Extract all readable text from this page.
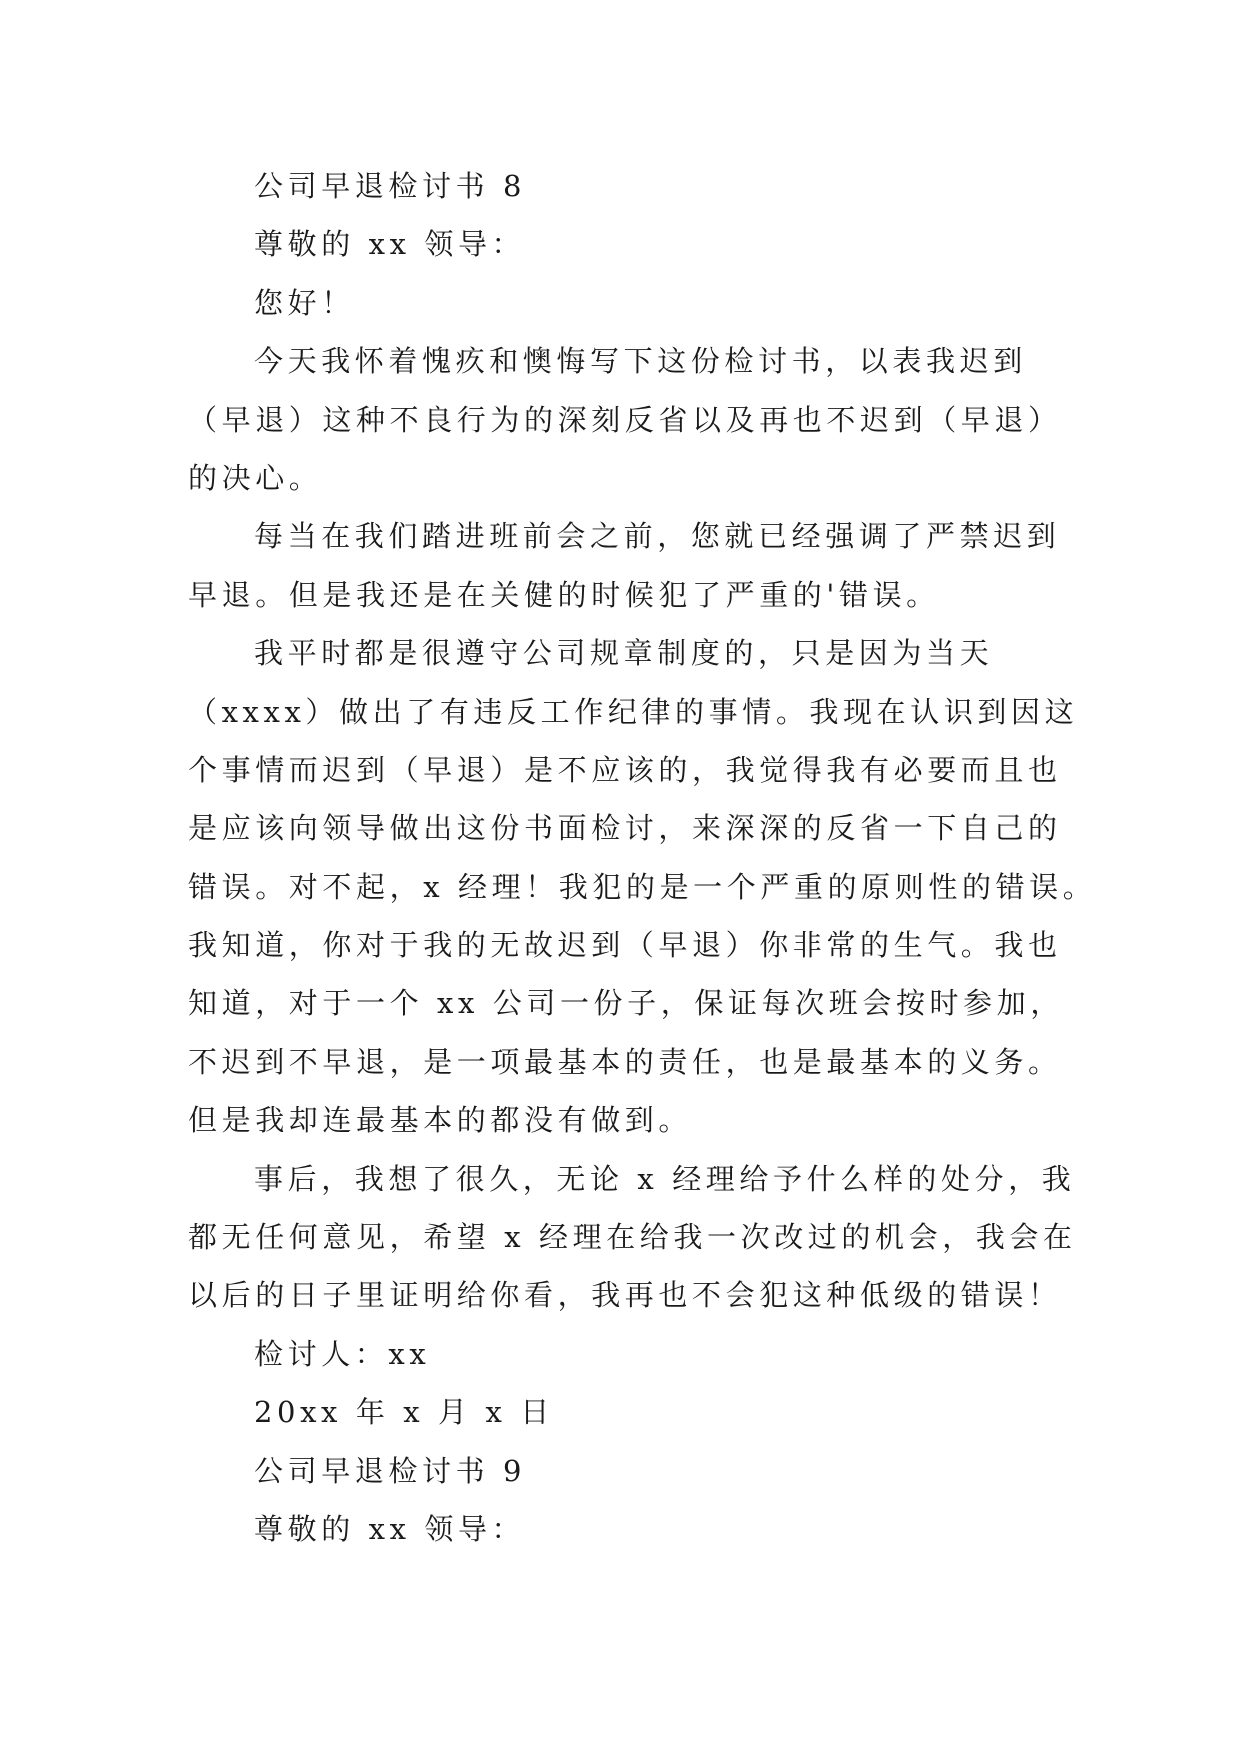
公司早退检讨书 8

尊敬的 xx 领导：

您好！

今天我怀着愧疚和懊悔写下这份检讨书，以表我迟到

（早退）这种不良行为的深刻反省以及再也不迟到（早退）

的决心。

每当在我们踏进班前会之前，您就已经强调了严禁迟到

早退。但是我还是在关健的时候犯了严重的'错误。

我平时都是很遵守公司规章制度的，只是因为当天

（xxxx）做出了有违反工作纪律的事情。我现在认识到因这

个事情而迟到（早退）是不应该的，我觉得我有必要而且也

是应该向领导做出这份书面检讨，来深深的反省一下自己的

错误。对不起，x 经理！我犯的是一个严重的原则性的错误。

我知道，你对于我的无故迟到（早退）你非常的生气。我也

知道，对于一个 xx 公司一份子，保证每次班会按时参加，

不迟到不早退，是一项最基本的责任，也是最基本的义务。

但是我却连最基本的都没有做到。

事后，我想了很久，无论 x 经理给予什么样的处分，我

都无任何意见，希望 x 经理在给我一次改过的机会，我会在

以后的日子里证明给你看，我再也不会犯这种低级的错误！

检讨人：xx

20xx 年 x 月 x 日

公司早退检讨书 9

尊敬的 xx 领导：
